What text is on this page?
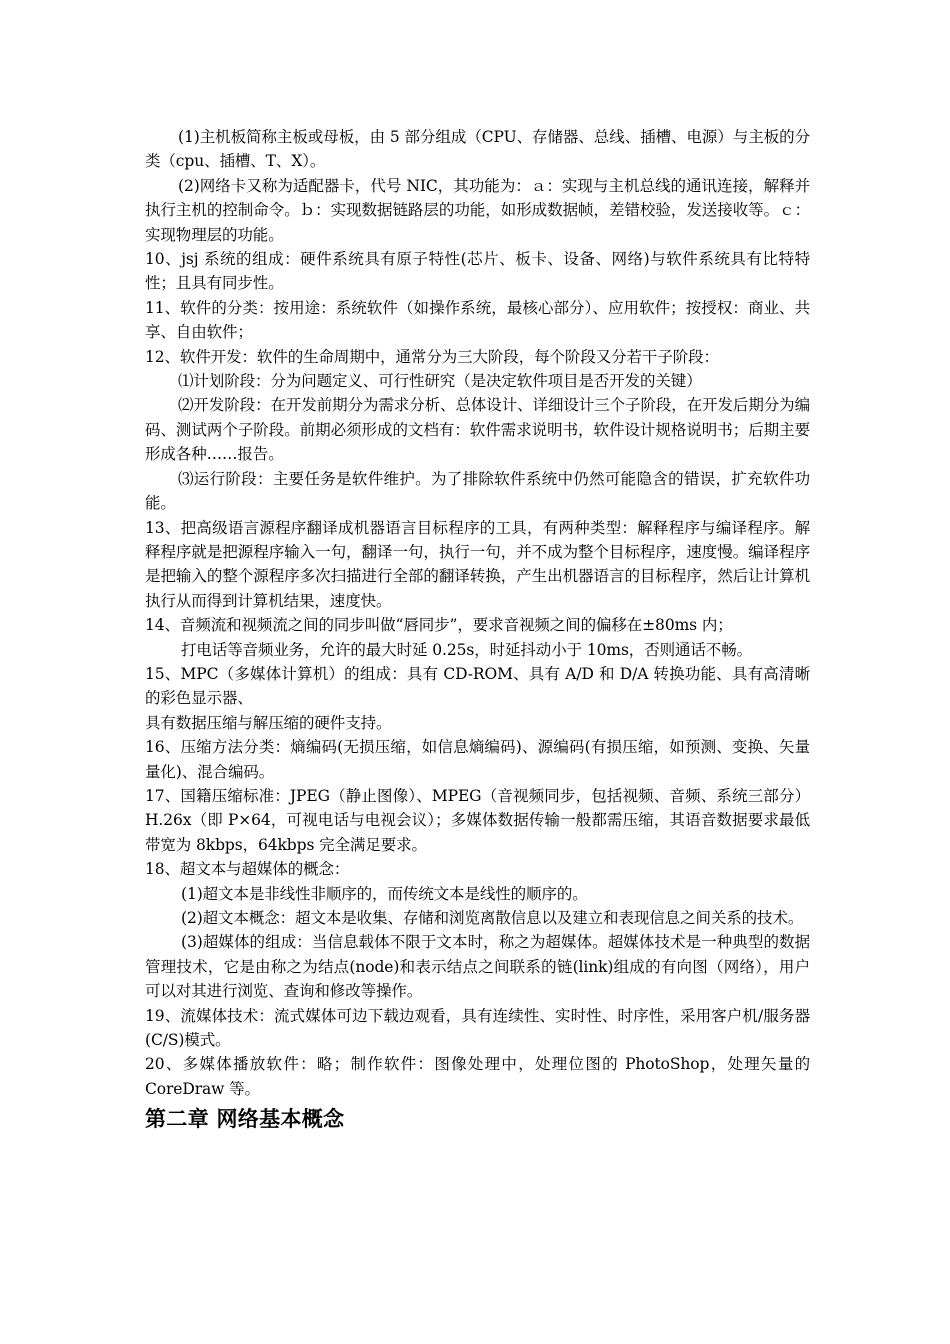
(1)主机板简称主板或母板，由 5 部分组成（CPU、存储器、总线、插槽、电源）与主板的分类（cpu、插槽、T、X）。

(2)网络卡又称为适配器卡，代号 NIC，其功能为：ａ：实现与主机总线的通讯连接，解释并执行主机的控制命令。ｂ：实现数据链路层的功能，如形成数据帧，差错校验，发送接收等。ｃ：实现物理层的功能。

10、jsj 系统的组成：硬件系统具有原子特性(芯片、板卡、设备、网络)与软件系统具有比特特性；且具有同步性。

11、软件的分类：按用途：系统软件（如操作系统，最核心部分）、应用软件；按授权：商业、共享、自由软件；

12、软件开发：软件的生命周期中，通常分为三大阶段，每个阶段又分若干子阶段：

⑴计划阶段：分为问题定义、可行性研究（是决定软件项目是否开发的关键）

⑵开发阶段：在开发前期分为需求分析、总体设计、详细设计三个子阶段，在开发后期分为编码、测试两个子阶段。前期必须形成的文档有：软件需求说明书，软件设计规格说明书；后期主要形成各种……报告。

⑶运行阶段：主要任务是软件维护。为了排除软件系统中仍然可能隐含的错误，扩充软件功能。

13、把高级语言源程序翻译成机器语言目标程序的工具，有两种类型：解释程序与编译程序。解释程序就是把源程序输入一句，翻译一句，执行一句，并不成为整个目标程序，速度慢。编译程序是把输入的整个源程序多次扫描进行全部的翻译转换，产生出机器语言的目标程序，然后让计算机执行从而得到计算机结果，速度快。

14、音频流和视频流之间的同步叫做“唇同步”，要求音视频之间的偏移在±80ms 内；

打电话等音频业务，允许的最大时延 0.25s，时延抖动小于 10ms，否则通话不畅。

15、MPC（多媒体计算机）的组成：具有 CD-ROM、具有 A/D 和 D/A 转换功能、具有高清晰的彩色显示器、

具有数据压缩与解压缩的硬件支持。

16、压缩方法分类：熵编码(无损压缩，如信息熵编码)、源编码(有损压缩，如预测、变换、矢量量化)、混合编码。

17、国籍压缩标准：JPEG（静止图像）、MPEG（音视频同步，包括视频、音频、系统三部分）H.26x（即 P×64，可视电话与电视会议）；多媒体数据传输一般都需压缩，其语音数据要求最低带宽为 8kbps，64kbps 完全满足要求。

18、超文本与超媒体的概念：

(1)超文本是非线性非顺序的，而传统文本是线性的顺序的。

(2)超文本概念：超文本是收集、存储和浏览离散信息以及建立和表现信息之间关系的技术。

(3)超媒体的组成：当信息载体不限于文本时，称之为超媒体。超媒体技术是一种典型的数据管理技术，它是由称之为结点(node)和表示结点之间联系的链(link)组成的有向图（网络），用户可以对其进行浏览、查询和修改等操作。

19、流媒体技术：流式媒体可边下载边观看，具有连续性、实时性、时序性，采用客户机/服务器(C/S)模式。

20、多媒体播放软件：略；制作软件：图像处理中，处理位图的 PhotoShop，处理矢量的 CoreDraw 等。

第二章 网络基本概念
